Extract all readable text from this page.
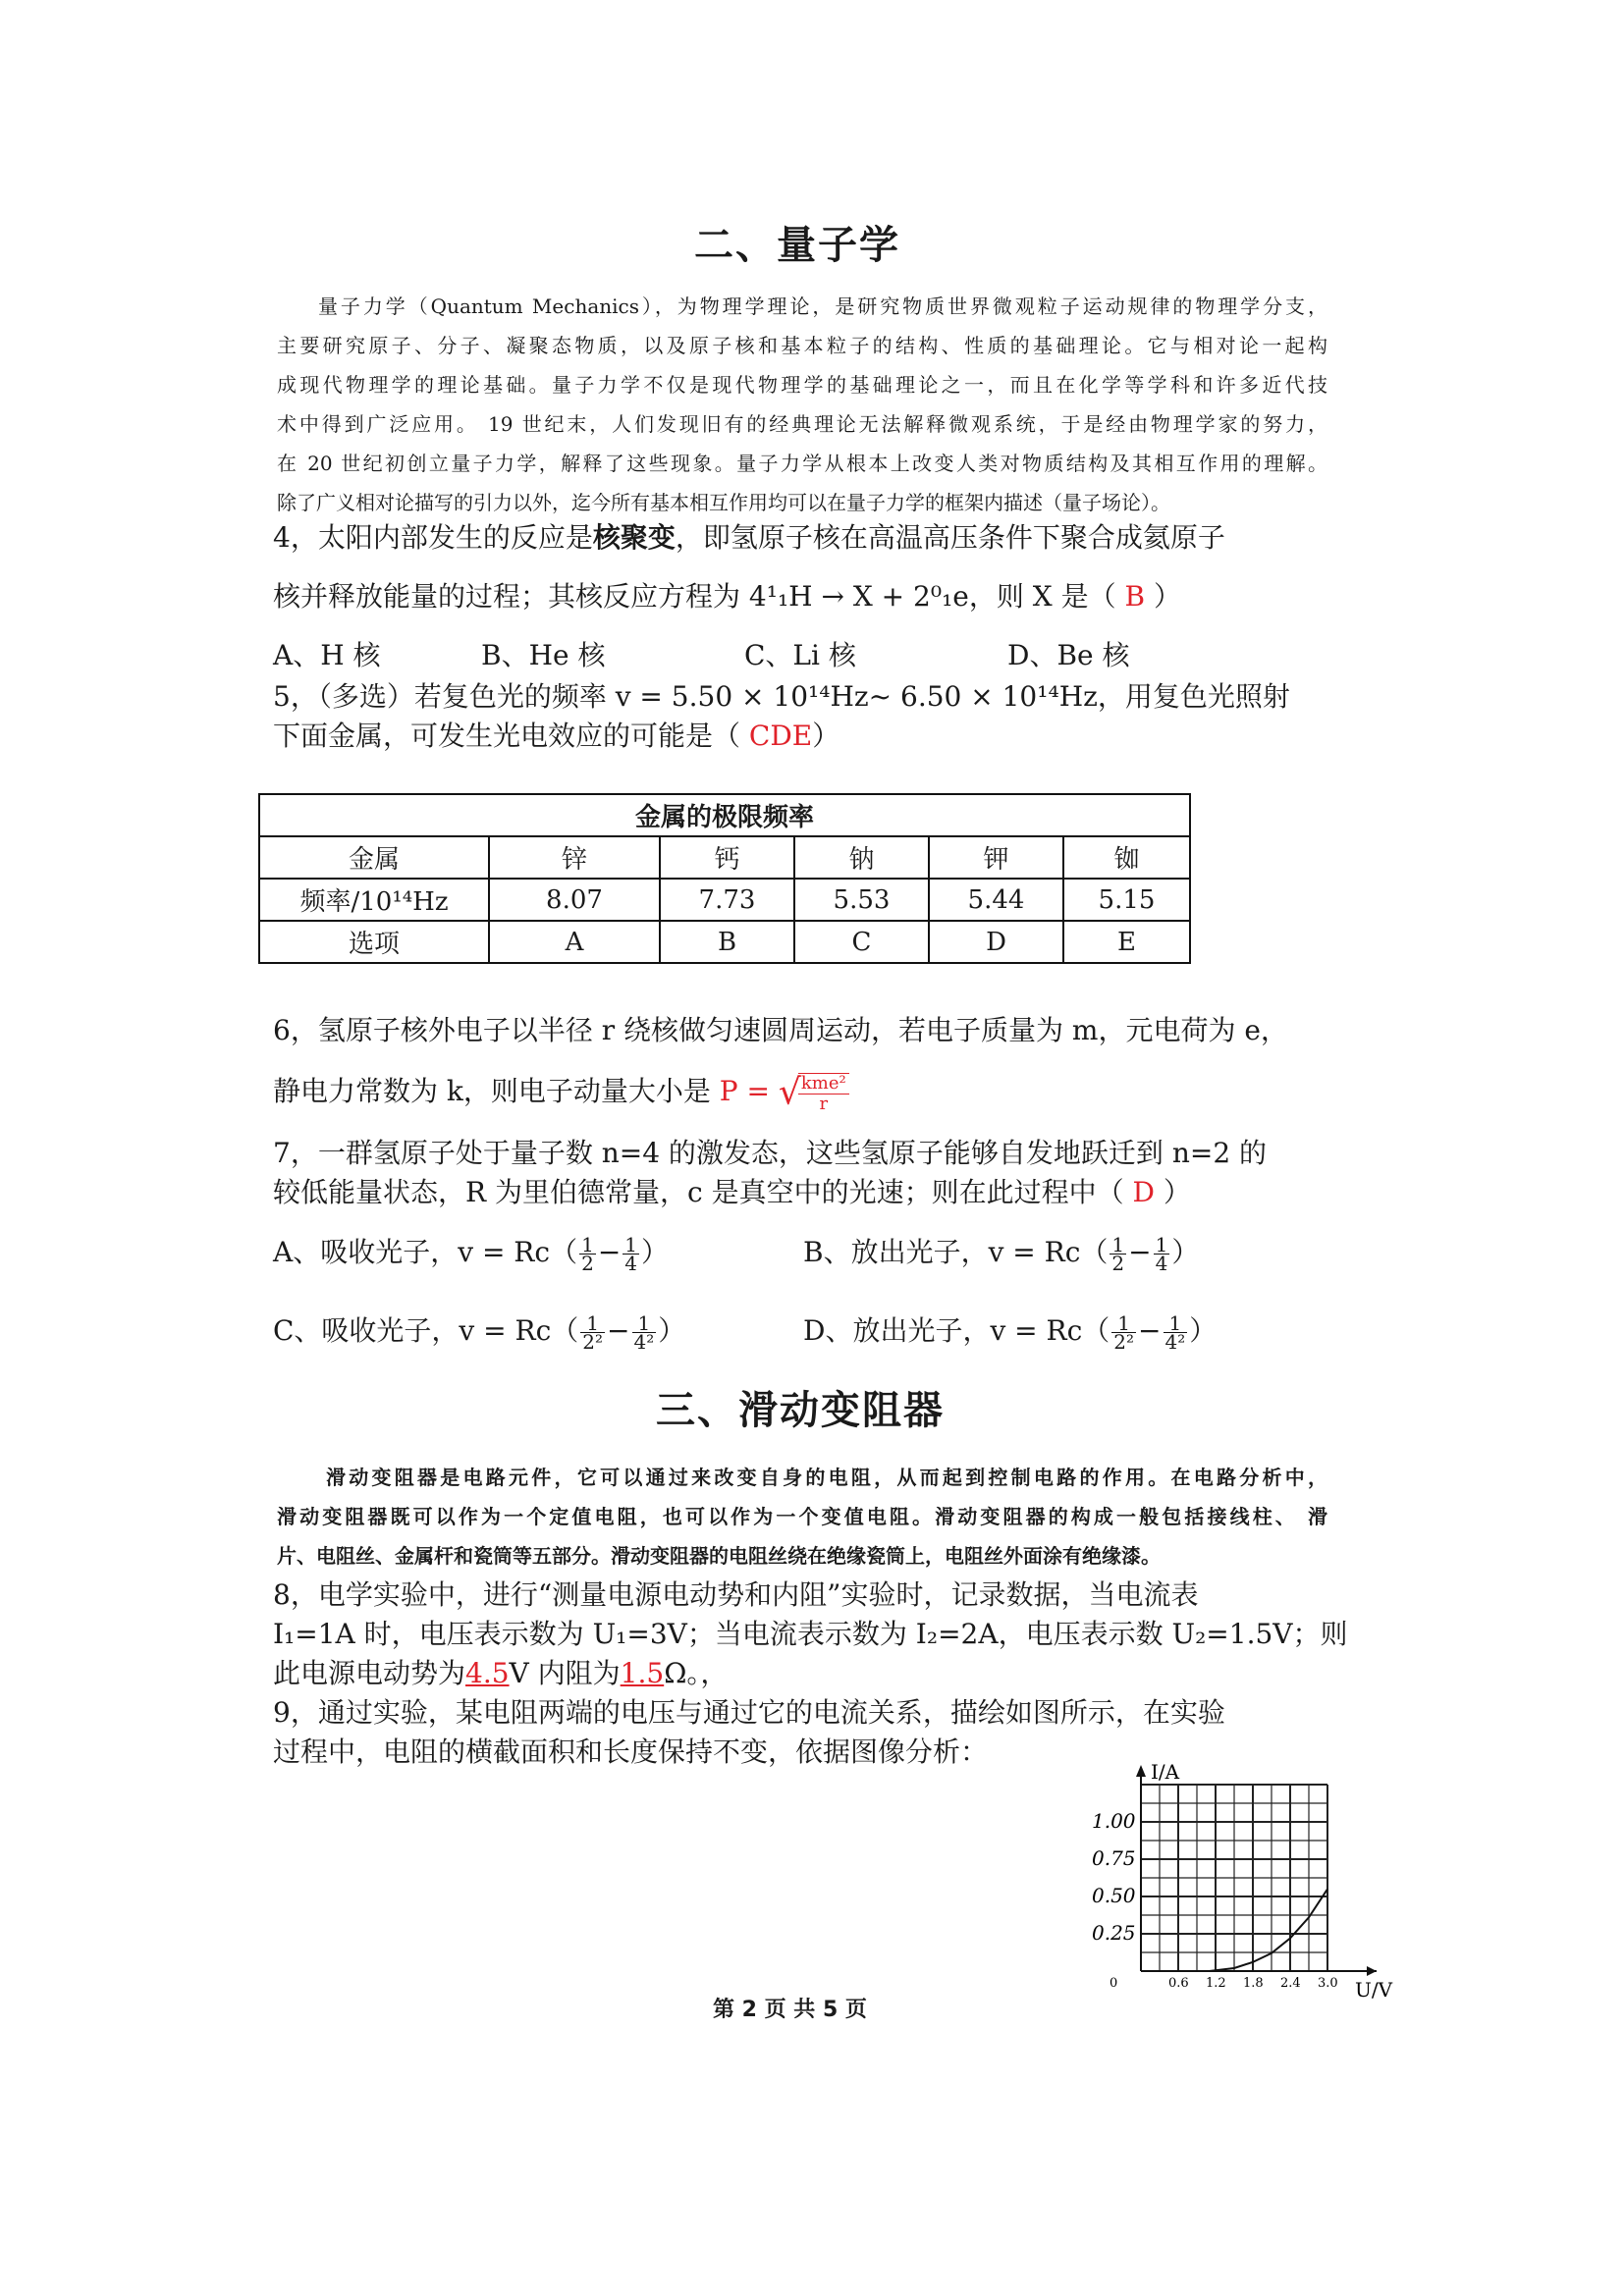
二、量子学
量子力学（Quantum Mechanics），为物理学理论，是研究物质世界微观粒子运动规律的物理学分支，
主要研究原子、分子、凝聚态物质，以及原子核和基本粒子的结构、性质的基础理论。它与相对论一起构
成现代物理学的理论基础。量子力学不仅是现代物理学的基础理论之一，而且在化学等学科和许多近代技
术中得到广泛应用。 19 世纪末，人们发现旧有的经典理论无法解释微观系统，于是经由物理学家的努力，
在 20 世纪初创立量子力学，解释了这些现象。量子力学从根本上改变人类对物质结构及其相互作用的理解。
除了广义相对论描写的引力以外，迄今所有基本相互作用均可以在量子力学的框架内描述（量子场论）。
4，太阳内部发生的反应是核聚变，即氢原子核在高温高压条件下聚合成氦原子
核并释放能量的过程；其核反应方程为 4¹₁H → X + 2⁰₁e，则 X 是（ B ）
A、H 核	B、He 核	C、Li 核	D、Be 核
5，（多选）若复色光的频率 v = 5.50 × 10¹⁴Hz~ 6.50 × 10¹⁴Hz，用复色光照射
下面金属，可发生光电效应的可能是（ CDE）
金属的极限频率					
金属	锌	钙	钠	钾	铷
频率/10¹⁴Hz	8.07	7.73	5.53	5.44	5.15
选项	A	B	C	D	E
6，氢原子核外电子以半径 r 绕核做匀速圆周运动，若电子质量为 m，元电荷为 e，
静电力常数为 k，则电子动量大小是 P = √ kme²
r
7，一群氢原子处于量子数 n=4 的激发态，这些氢原子能够自发地跃迁到 n=2 的
较低能量状态，R 为里伯德常量，c 是真空中的光速；则在此过程中（ D ）
A、吸收光子，$v = Rc( \frac{1}{2} - \frac{1}{4}$ ）	B、放出光子，$v = Rc( \frac{1}{2} - \frac{1}{4}$ ）
C、吸收光子，$v = Rc( \frac{1}{\text{2²}} - \frac{1}{\text{4²}}$ ）	D、放出光子，$v = Rc( \frac{1}{\text{2²}} - \frac{1}{\text{4²}}$ ）
三、滑动变阻器
滑动变阻器是电路元件，它可以通过来改变自身的电阻，从而起到控制电路的作用。在电路分析中，
滑动变阻器既可以作为一个定值电阻，也可以作为一个变值电阻。滑动变阻器的构成一般包括接线柱、 滑
片、电阻丝、金属杆和瓷筒等五部分。滑动变阻器的电阻丝绕在绝缘瓷筒上，电阻丝外面涂有绝缘漆。
8，电学实验中，进行“测量电源电动势和内阻”实验时，记录数据，当电流表
I₁=1A 时，电压表示数为 U₁=3V；当电流表示数为 I₂=2A，电压表示数 U₂=1.5V；则
此电源电动势为4.5V 内阻为1.5Ω。，
9，通过实验，某电阻两端的电压与通过它的电流关系，描绘如图所示，在实验
过程中，电阻的横截面积和长度保持不变，依据图像分析：
I/A
U/V
0	0.6 1.2 1.8 2.4 3.0
0.25
0.50
0.75
1.00
第 2 页 共 5 页
